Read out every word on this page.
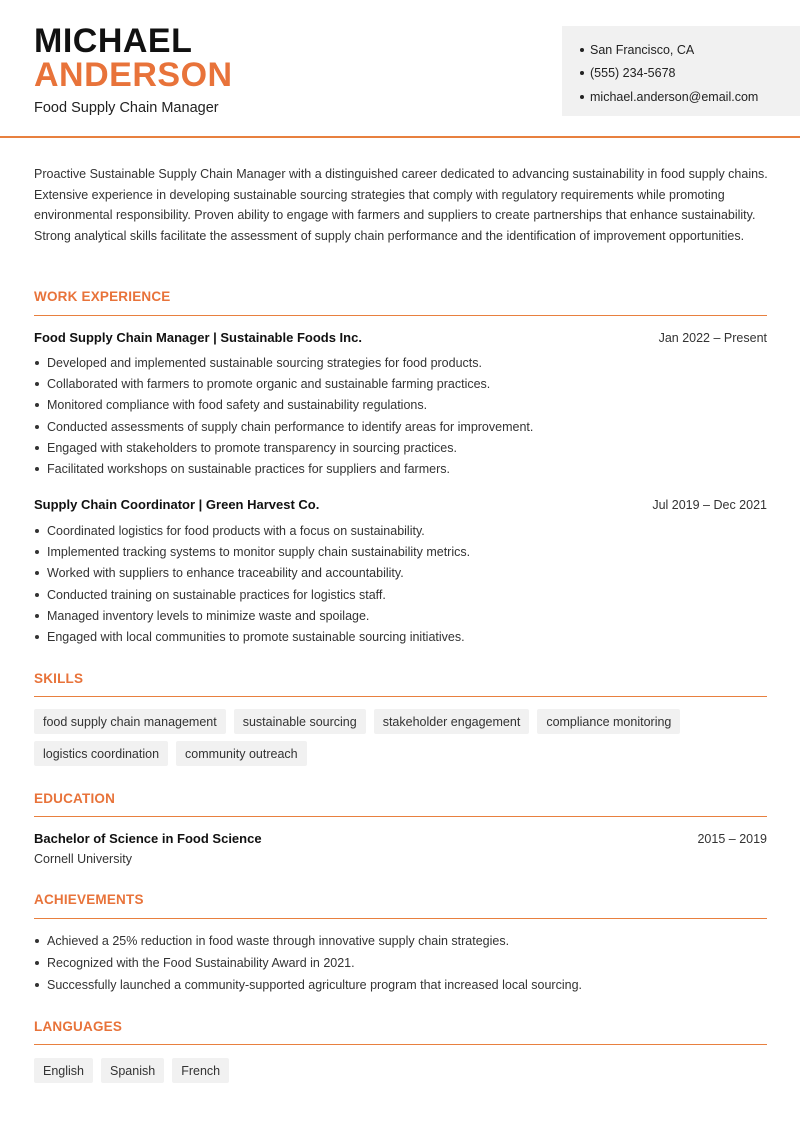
MICHAEL
ANDERSON
Food Supply Chain Manager
San Francisco, CA
(555) 234-5678
michael.anderson@email.com

Proactive Sustainable Supply Chain Manager with a distinguished career dedicated to advancing sustainability in food supply chains. Extensive experience in developing sustainable sourcing strategies that comply with regulatory requirements while promoting environmental responsibility. Proven ability to engage with farmers and suppliers to create partnerships that enhance sustainability. Strong analytical skills facilitate the assessment of supply chain performance and the identification of improvement opportunities.

WORK EXPERIENCE
Food Supply Chain Manager | Sustainable Foods Inc.	Jan 2022 – Present
Developed and implemented sustainable sourcing strategies for food products.
Collaborated with farmers to promote organic and sustainable farming practices.
Monitored compliance with food safety and sustainability regulations.
Conducted assessments of supply chain performance to identify areas for improvement.
Engaged with stakeholders to promote transparency in sourcing practices.
Facilitated workshops on sustainable practices for suppliers and farmers.
Supply Chain Coordinator | Green Harvest Co.	Jul 2019 – Dec 2021
Coordinated logistics for food products with a focus on sustainability.
Implemented tracking systems to monitor supply chain sustainability metrics.
Worked with suppliers to enhance traceability and accountability.
Conducted training on sustainable practices for logistics staff.
Managed inventory levels to minimize waste and spoilage.
Engaged with local communities to promote sustainable sourcing initiatives.
SKILLS
food supply chain management	sustainable sourcing	stakeholder engagement	compliance monitoring
logistics coordination	community outreach
EDUCATION
Bachelor of Science in Food Science	2015 – 2019
Cornell University
ACHIEVEMENTS
Achieved a 25% reduction in food waste through innovative supply chain strategies.
Recognized with the Food Sustainability Award in 2021.
Successfully launched a community-supported agriculture program that increased local sourcing.
LANGUAGES
English	Spanish	French
